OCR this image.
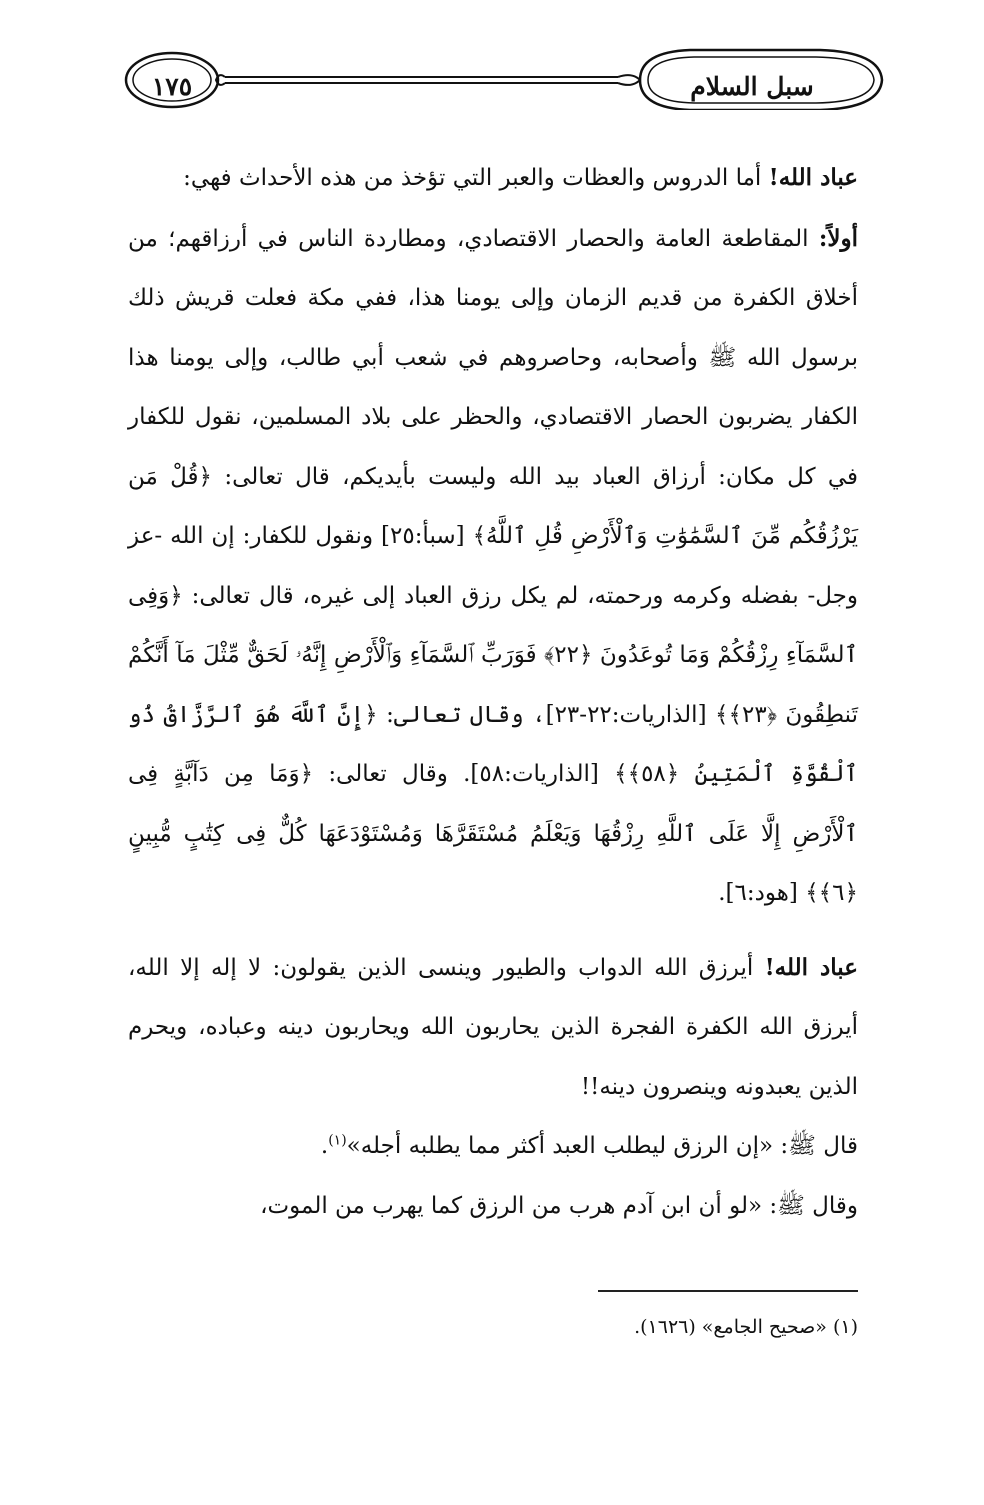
سبل السلام
١٧٥

عباد الله! أما الدروس والعظات والعبر التي تؤخذ من هذه الأحداث فهي:

أولاً: المقاطعة العامة والحصار الاقتصادي، ومطاردة الناس في أرزاقهم؛ من أخلاق الكفرة من قديم الزمان وإلى يومنا هذا، ففي مكة فعلت قريش ذلك برسول الله ﷺ وأصحابه، وحاصروهم في شعب أبي طالب، وإلى يومنا هذا الكفار يضربون الحصار الاقتصادي، والحظر على بلاد المسلمين، نقول للكفار في كل مكان: أرزاق العباد بيد الله وليست بأيديكم، قال تعالى: ﴿قُلْ مَن يَرْزُقُكُم مِّنَ ٱلسَّمَٰوَٰتِ وَٱلْأَرْضِ قُلِ ٱللَّهُ﴾ [سبأ:٢٥] ونقول للكفار: إن الله -عز وجل- بفضله وكرمه ورحمته، لم يكل رزق العباد إلى غيره، قال تعالى: ﴿وَفِى ٱلسَّمَآءِ رِزْقُكُمْ وَمَا تُوعَدُونَ ﴿٢٢﴾ فَوَرَبِّ ٱلسَّمَآءِ وَٱلْأَرْضِ إِنَّهُۥ لَحَقٌّ مِّثْلَ مَآ أَنَّكُمْ تَنطِقُونَ ﴿٢٣﴾﴾ [الذاريات:٢٢-٢٣]، وقال تعالى: ﴿إِنَّ ٱللَّهَ هُوَ ٱلرَّزَّاقُ ذُو ٱلْقُوَّةِ ٱلْمَتِينُ ﴿٥٨﴾﴾ [الذاريات:٥٨]. وقال تعالى: ﴿وَمَا مِن دَآبَّةٍ فِى ٱلْأَرْضِ إِلَّا عَلَى ٱللَّهِ رِزْقُهَا وَيَعْلَمُ مُسْتَقَرَّهَا وَمُسْتَوْدَعَهَا كُلٌّ فِى كِتَٰبٍ مُّبِينٍ ﴿٦﴾﴾ [هود:٦].

عباد الله! أيرزق الله الدواب والطيور وينسى الذين يقولون: لا إله إلا الله، أيرزق الله الكفرة الفجرة الذين يحاربون الله ويحاربون دينه وعباده، ويحرم الذين يعبدونه وينصرون دينه!!

قال ﷺ: «إن الرزق ليطلب العبد أكثر مما يطلبه أجله»$^{(١)}$.

وقال ﷺ: «لو أن ابن آدم هرب من الرزق كما يهرب من الموت،

(١) «صحيح الجامع» (١٦٢٦).
